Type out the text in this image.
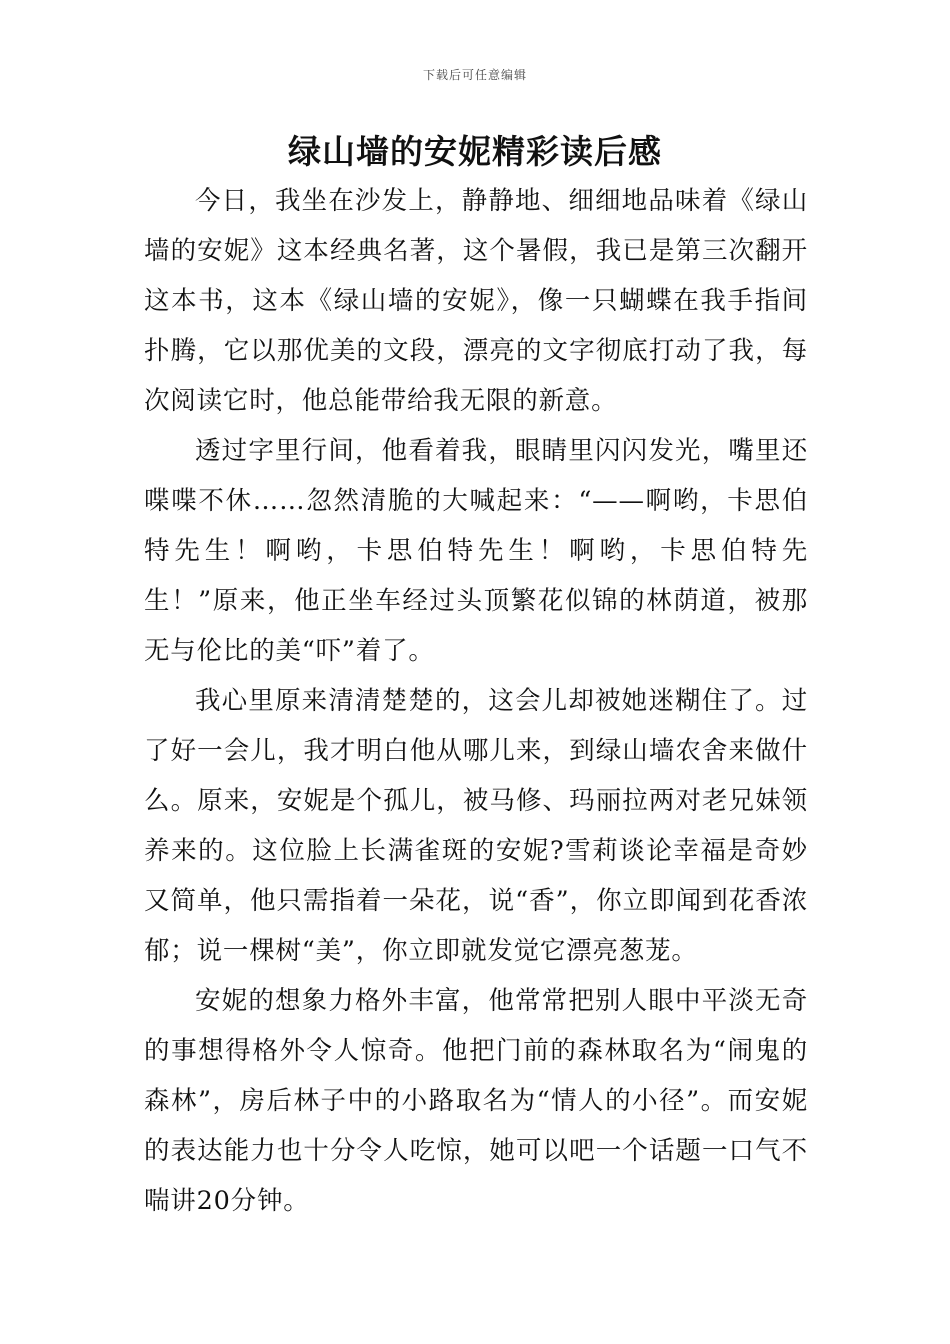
下载后可任意编辑
绿山墙的安妮精彩读后感

今日，我坐在沙发上，静静地、细细地品味着《绿山墙的安妮》这本经典名著，这个暑假，我已是第三次翻开这本书，这本《绿山墙的安妮》，像一只蝴蝶在我手指间扑腾，它以那优美的文段，漂亮的文字彻底打动了我，每次阅读它时，他总能带给我无限的新意。

透过字里行间，他看着我，眼睛里闪闪发光，嘴里还喋喋不休……忽然清脆的大喊起来：“——啊哟，卡思伯特先生！啊哟，卡思伯特先生！啊哟，卡思伯特先生！”原来，他正坐车经过头顶繁花似锦的林荫道，被那无与伦比的美“吓”着了。

我心里原来清清楚楚的，这会儿却被她迷糊住了。过了好一会儿，我才明白他从哪儿来，到绿山墙农舍来做什么。原来，安妮是个孤儿，被马修、玛丽拉两对老兄妹领养来的。这位脸上长满雀斑的安妮?雪莉谈论幸福是奇妙又简单，他只需指着一朵花，说“香”，你立即闻到花香浓郁；说一棵树“美”，你立即就发觉它漂亮葱茏。

安妮的想象力格外丰富，他常常把别人眼中平淡无奇的事想得格外令人惊奇。他把门前的森林取名为“闹鬼的森林”，房后林子中的小路取名为“情人的小径”。而安妮的表达能力也十分令人吃惊，她可以吧一个话题一口气不喘讲20分钟。
